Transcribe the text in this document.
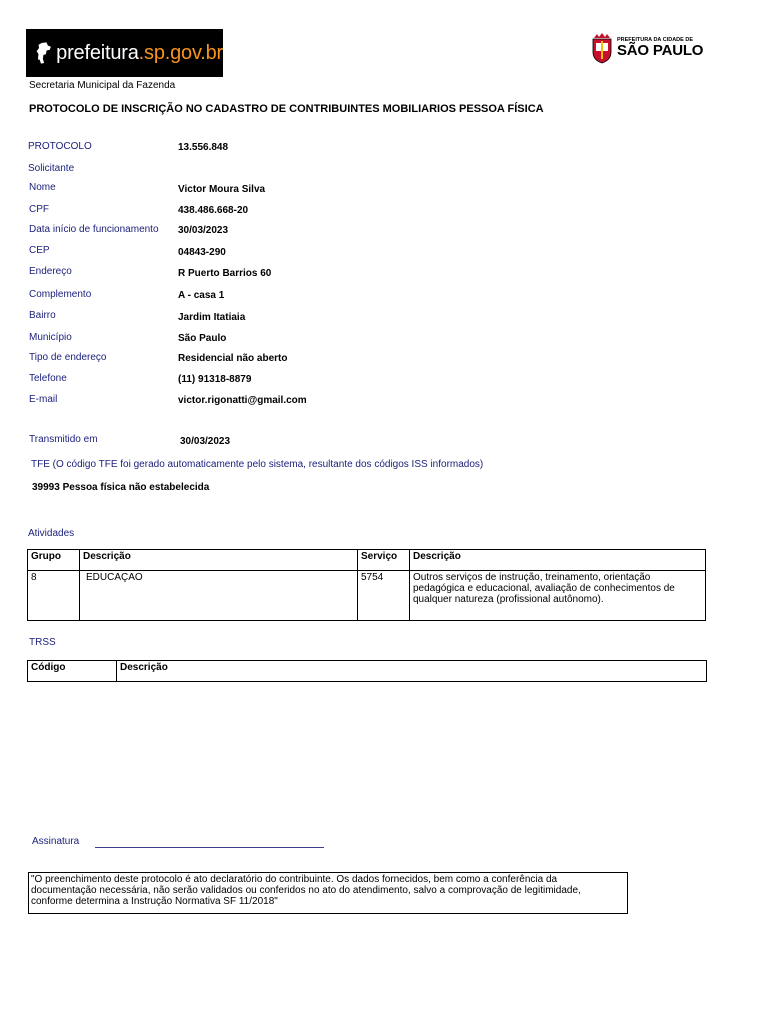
prefeitura.sp.gov.br
PREFEITURA DA CIDADE DE
SÃO PAULO
Secretaria Municipal da Fazenda
PROTOCOLO DE INSCRIÇÃO NO CADASTRO DE CONTRIBUINTES MOBILIARIOS PESSOA FÍSICA
PROTOCOLO	13.556.848
Solicitante
Nome	Victor Moura Silva
CPF	438.486.668-20
Data início de funcionamento 30/03/2023
CEP	04843-290
Endereço	R Puerto Barrios 60
Complemento	A - casa 1
Bairro	Jardim Itatiaia
Município	São Paulo
Tipo de endereço	Residencial não aberto
Telefone	(11) 91318-8879
E-mail	victor.rigonatti@gmail.com
Transmitido em	30/03/2023
TFE (O código TFE foi gerado automaticamente pelo sistema, resultante dos códigos ISS informados)
39993 Pessoa física não estabelecida
Atividades
Grupo	Descrição	Serviço	Descrição
8	EDUCAÇAO	5754	Outros serviços de instrução, treinamento, orientação pedagógica e educacional, avaliação de conhecimentos de qualquer natureza (profissional autônomo).
TRSS
Código	Descrição
Assinatura
"O preenchimento deste protocolo é ato declaratório do contribuinte. Os dados fornecidos, bem como a conferência da documentação necessária, não serão validados ou conferidos no ato do atendimento, salvo a comprovação de legitimidade, conforme determina a Instrução Normativa SF 11/2018"
